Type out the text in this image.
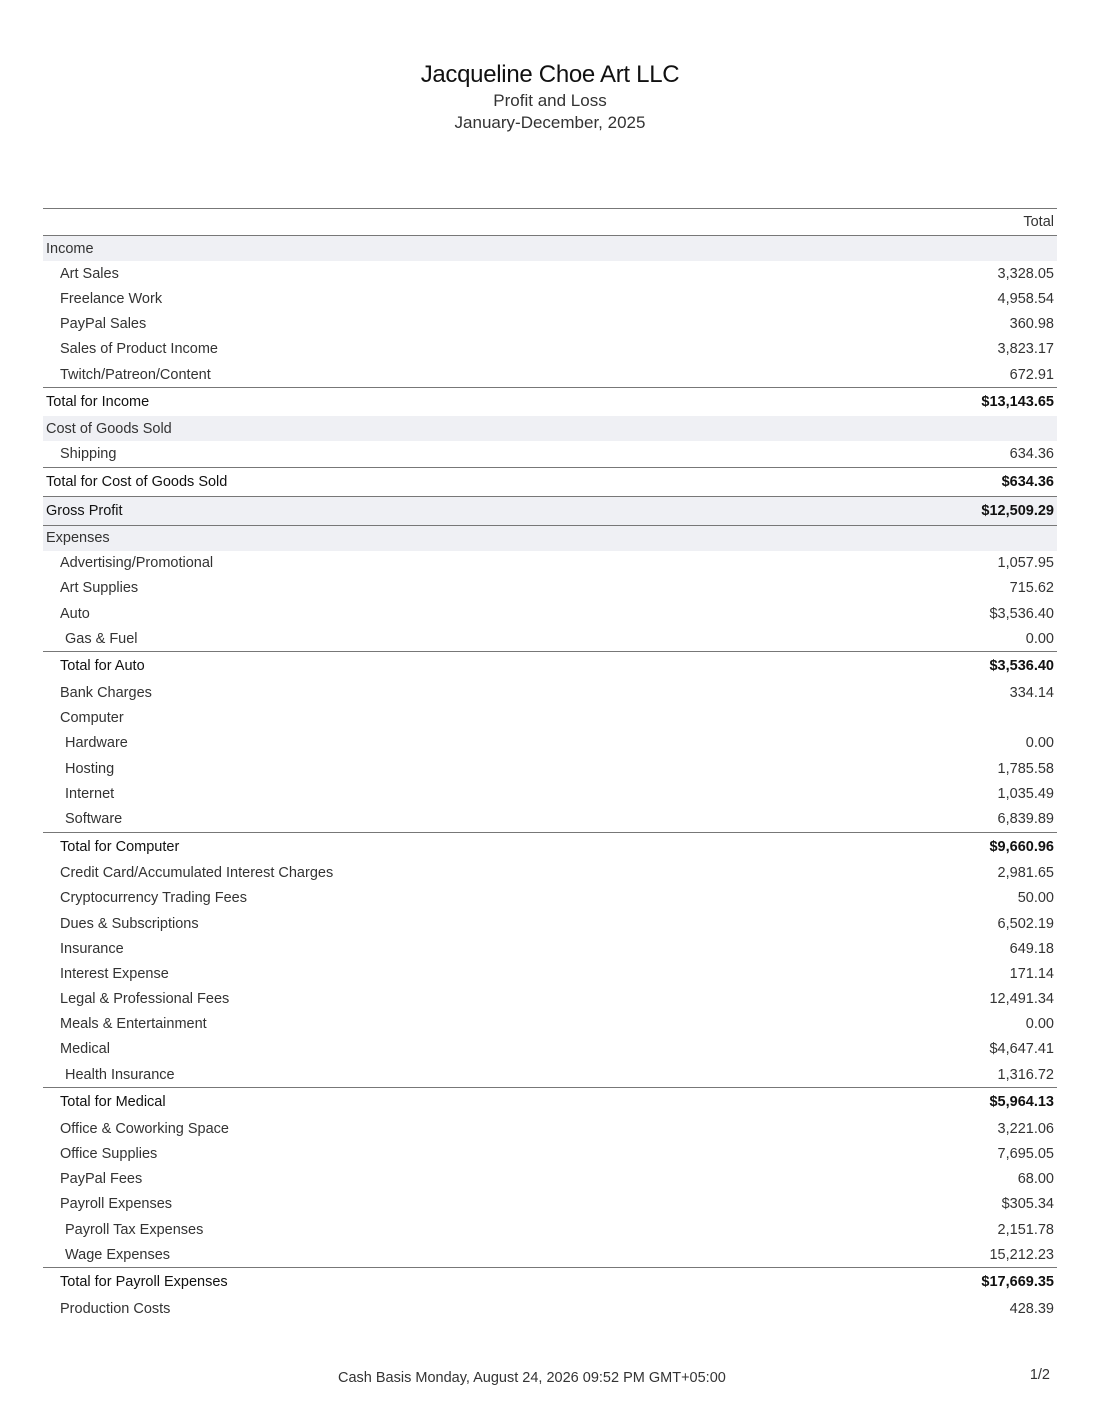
Jacqueline Choe Art LLC
Profit and Loss
January-December, 2025
Total
Income
Art Sales	3,328.05
Freelance Work	4,958.54
PayPal Sales	360.98
Sales of Product Income	3,823.17
Twitch/Patreon/Content	672.91
Total for Income	$13,143.65
Cost of Goods Sold
Shipping	634.36
Total for Cost of Goods Sold	$634.36
Gross Profit	$12,509.29
Expenses
Advertising/Promotional	1,057.95
Art Supplies	715.62
Auto	$3,536.40
Gas & Fuel	0.00
Total for Auto	$3,536.40
Bank Charges	334.14
Computer
Hardware	0.00
Hosting	1,785.58
Internet	1,035.49
Software	6,839.89
Total for Computer	$9,660.96
Credit Card/Accumulated Interest Charges	2,981.65
Cryptocurrency Trading Fees	50.00
Dues & Subscriptions	6,502.19
Insurance	649.18
Interest Expense	171.14
Legal & Professional Fees	12,491.34
Meals & Entertainment	0.00
Medical	$4,647.41
Health Insurance	1,316.72
Total for Medical	$5,964.13
Office & Coworking Space	3,221.06
Office Supplies	7,695.05
PayPal Fees	68.00
Payroll Expenses	$305.34
Payroll Tax Expenses	2,151.78
Wage Expenses	15,212.23
Total for Payroll Expenses	$17,669.35
Production Costs	428.39
Cash Basis Monday, August 24, 2026 09:52 PM GMT+05:00	1/2
